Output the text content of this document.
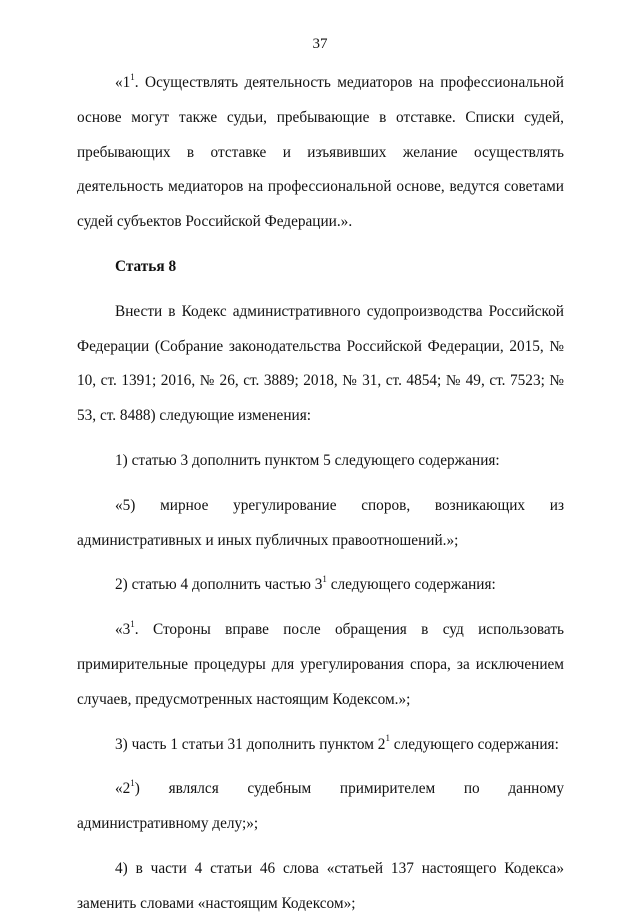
37

«$1^1$. Осуществлять деятельность медиаторов на профессиональной основе могут также судьи, пребывающие в отставке. Списки судей, пребывающих в отставке и изъявивших желание осуществлять деятельность медиаторов на профессиональной основе, ведутся советами судей субъектов Российской Федерации.».

Статья 8

Внести в Кодекс административного судопроизводства Российской Федерации (Собрание законодательства Российской Федерации, 2015, № 10, ст. 1391; 2016, № 26, ст. 3889; 2018, № 31, ст. 4854; № 49, ст. 7523; № 53, ст. 8488) следующие изменения:

1) статью 3 дополнить пунктом 5 следующего содержания:

«5) мирное урегулирование споров, возникающих из административных и иных публичных правоотношений.»;

2) статью 4 дополнить частью $3^1$ следующего содержания:

«$3^1$. Стороны вправе после обращения в суд использовать примирительные процедуры для урегулирования спора, за исключением случаев, предусмотренных настоящим Кодексом.»;

3) часть 1 статьи 31 дополнить пунктом $2^1$ следующего содержания:

«$2^1$) являлся судебным примирителем по данному административному делу;»;

4) в части 4 статьи 46 слова «статьей 137 настоящего Кодекса» заменить словами «настоящим Кодексом»;
